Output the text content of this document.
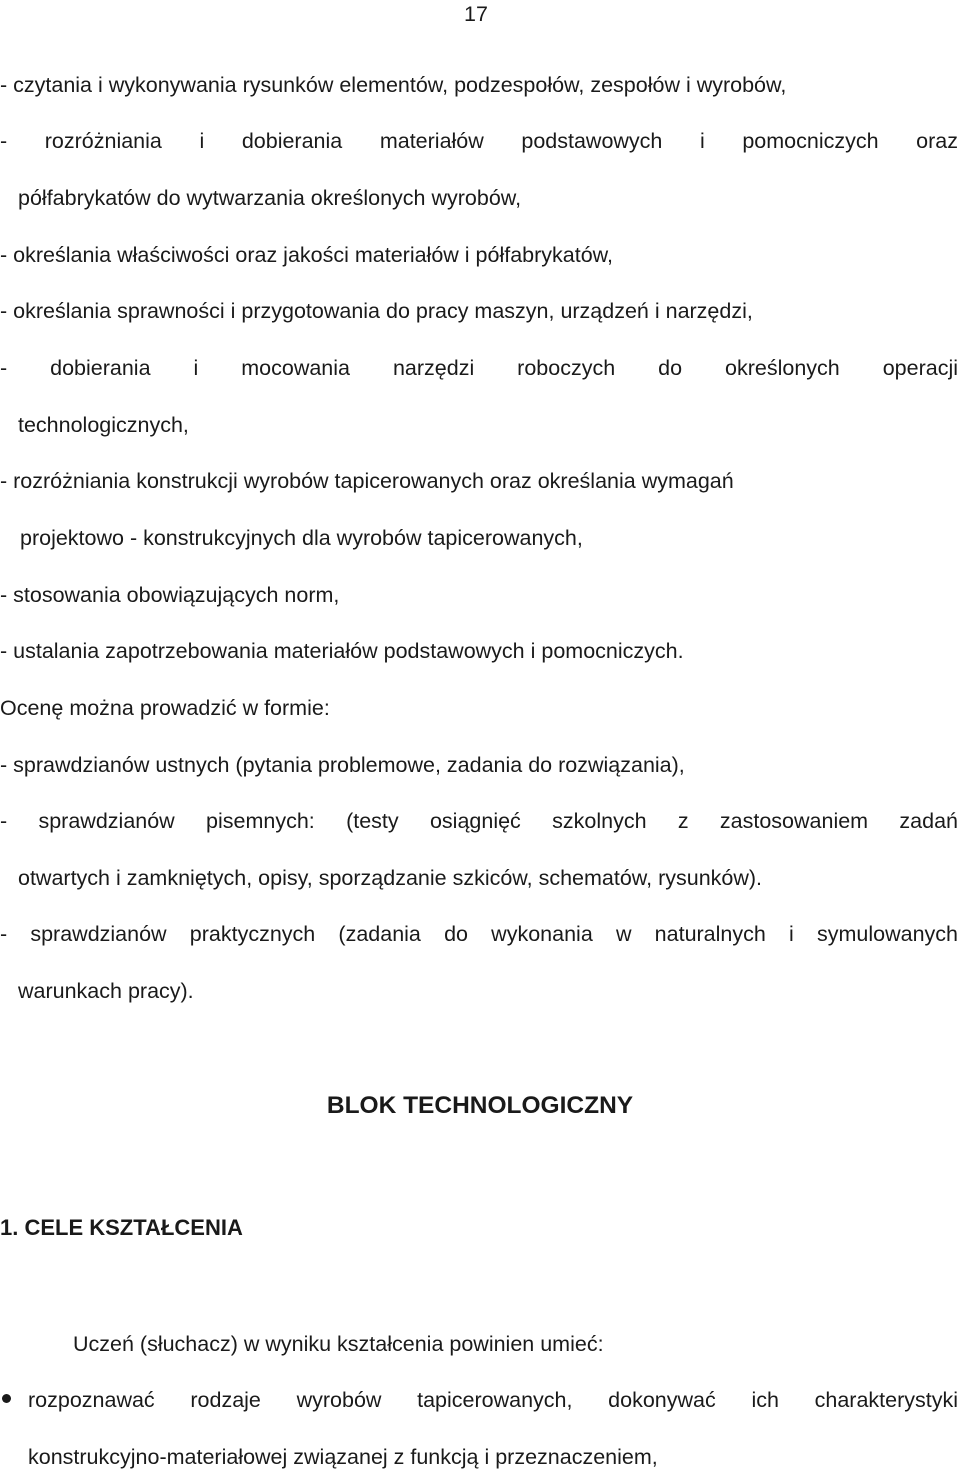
17

- czytania i wykonywania rysunków elementów, podzespołów, zespołów i wyrobów,

- rozróżniania i dobierania materiałów podstawowych i pomocniczych oraz

półfabrykatów do wytwarzania określonych wyrobów,

- określania właściwości oraz jakości materiałów i półfabrykatów,

- określania sprawności i przygotowania do pracy maszyn, urządzeń i narzędzi,

- dobierania i mocowania narzędzi roboczych do określonych operacji

technologicznych,

- rozróżniania konstrukcji wyrobów tapicerowanych oraz określania wymagań

projektowo - konstrukcyjnych dla wyrobów tapicerowanych,

- stosowania obowiązujących norm,

- ustalania zapotrzebowania materiałów podstawowych i pomocniczych.

Ocenę można prowadzić w formie:

- sprawdzianów ustnych (pytania problemowe, zadania do rozwiązania),

- sprawdzianów pisemnych: (testy osiągnięć szkolnych z zastosowaniem zadań

otwartych i zamkniętych, opisy, sporządzanie szkiców, schematów, rysunków).

- sprawdzianów praktycznych (zadania do wykonania w naturalnych i symulowanych

warunkach pracy).

BLOK TECHNOLOGICZNY
1. CELE KSZTAŁCENIA

Uczeń (słuchacz) w wyniku kształcenia powinien umieć:

rozpoznawać rodzaje wyrobów tapicerowanych, dokonywać ich charakterystyki

konstrukcyjno-materiałowej związanej z funkcją i przeznaczeniem,
